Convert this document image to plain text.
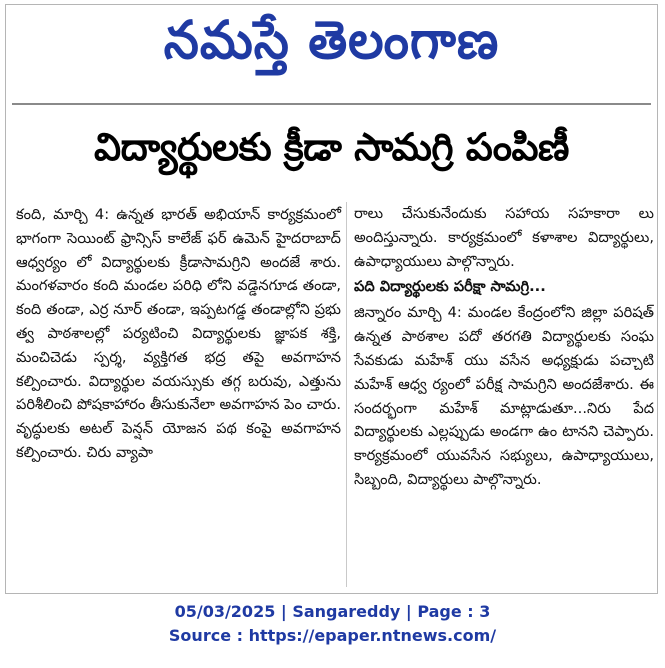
నమస్తే తెలంగాణ
విద్యార్థులకు క్రీడా సామగ్రి పంపిణీ

కంది, మార్చి 4: ఉన్నత భారత్ అభియాన్ కార్యక్రమంలో భాగంగా సెయింట్ ఫ్రాన్సిస్ కాలేజ్ ఫర్ ఉమెన్ హైదరాబాద్ ఆధ్వర్యం లో విద్యార్థులకు క్రీడాసామగ్రిని అందజే శారు. మంగళవారం కంది మండల పరిధి లోని వడ్డెనగూడ తండా, కంది తండా, ఎర్ర నూర్ తండా, ఇప్పటగడ్డ తండాల్లోని ప్రభు త్వ పాఠశాలల్లో పర్యటించి విద్యార్థులకు జ్ఞాపక శక్తి, మంచిచెడు స్పర్శ, వ్యక్తిగత భద్ర తపై అవగాహన కల్పించారు. విద్యార్థుల వయస్సుకు తగ్గ బరువు, ఎత్తును పరిశీలించి పోషకాహారం తీసుకునేలా అవగాహన పెం చారు. వృద్ధులకు అటల్ పెన్షన్ యోజన పథ కంపై అవగాహన కల్పించారు. చిరు వ్యాపా

రాలు చేసుకునేందుకు సహాయ సహకారా లు అందిస్తున్నారు. కార్యక్రమంలో కళాశాల విద్యార్థులు, ఉపాధ్యాయులు పాల్గొన్నారు.

పది విద్యార్థులకు పరీక్షా సామగ్రి...

జిన్నారం మార్చి 4: మండల కేంద్రంలోని జిల్లా పరిషత్ ఉన్నత పాఠశాల పదో తరగతి విద్యార్థులకు సంఘ సేవకుడు మహేశ్ యు వసేన అధ్యక్షుడు పచ్చాటి మహేశ్ ఆధ్వ ర్యంలో పరీక్ష సామగ్రిని అందజేశారు. ఈ సందర్భంగా మహేశ్ మాట్లాడుతూ...నిరు పేద విద్యార్థులకు ఎల్లప్పుడు అండగా ఉం టానని చెప్పారు. కార్యక్రమంలో యువసేన సభ్యులు, ఉపాధ్యాయులు, సిబ్బంది, విద్యార్థులు పాల్గొన్నారు.

05/03/2025 | Sangareddy | Page : 3
Source : https://epaper.ntnews.com/
